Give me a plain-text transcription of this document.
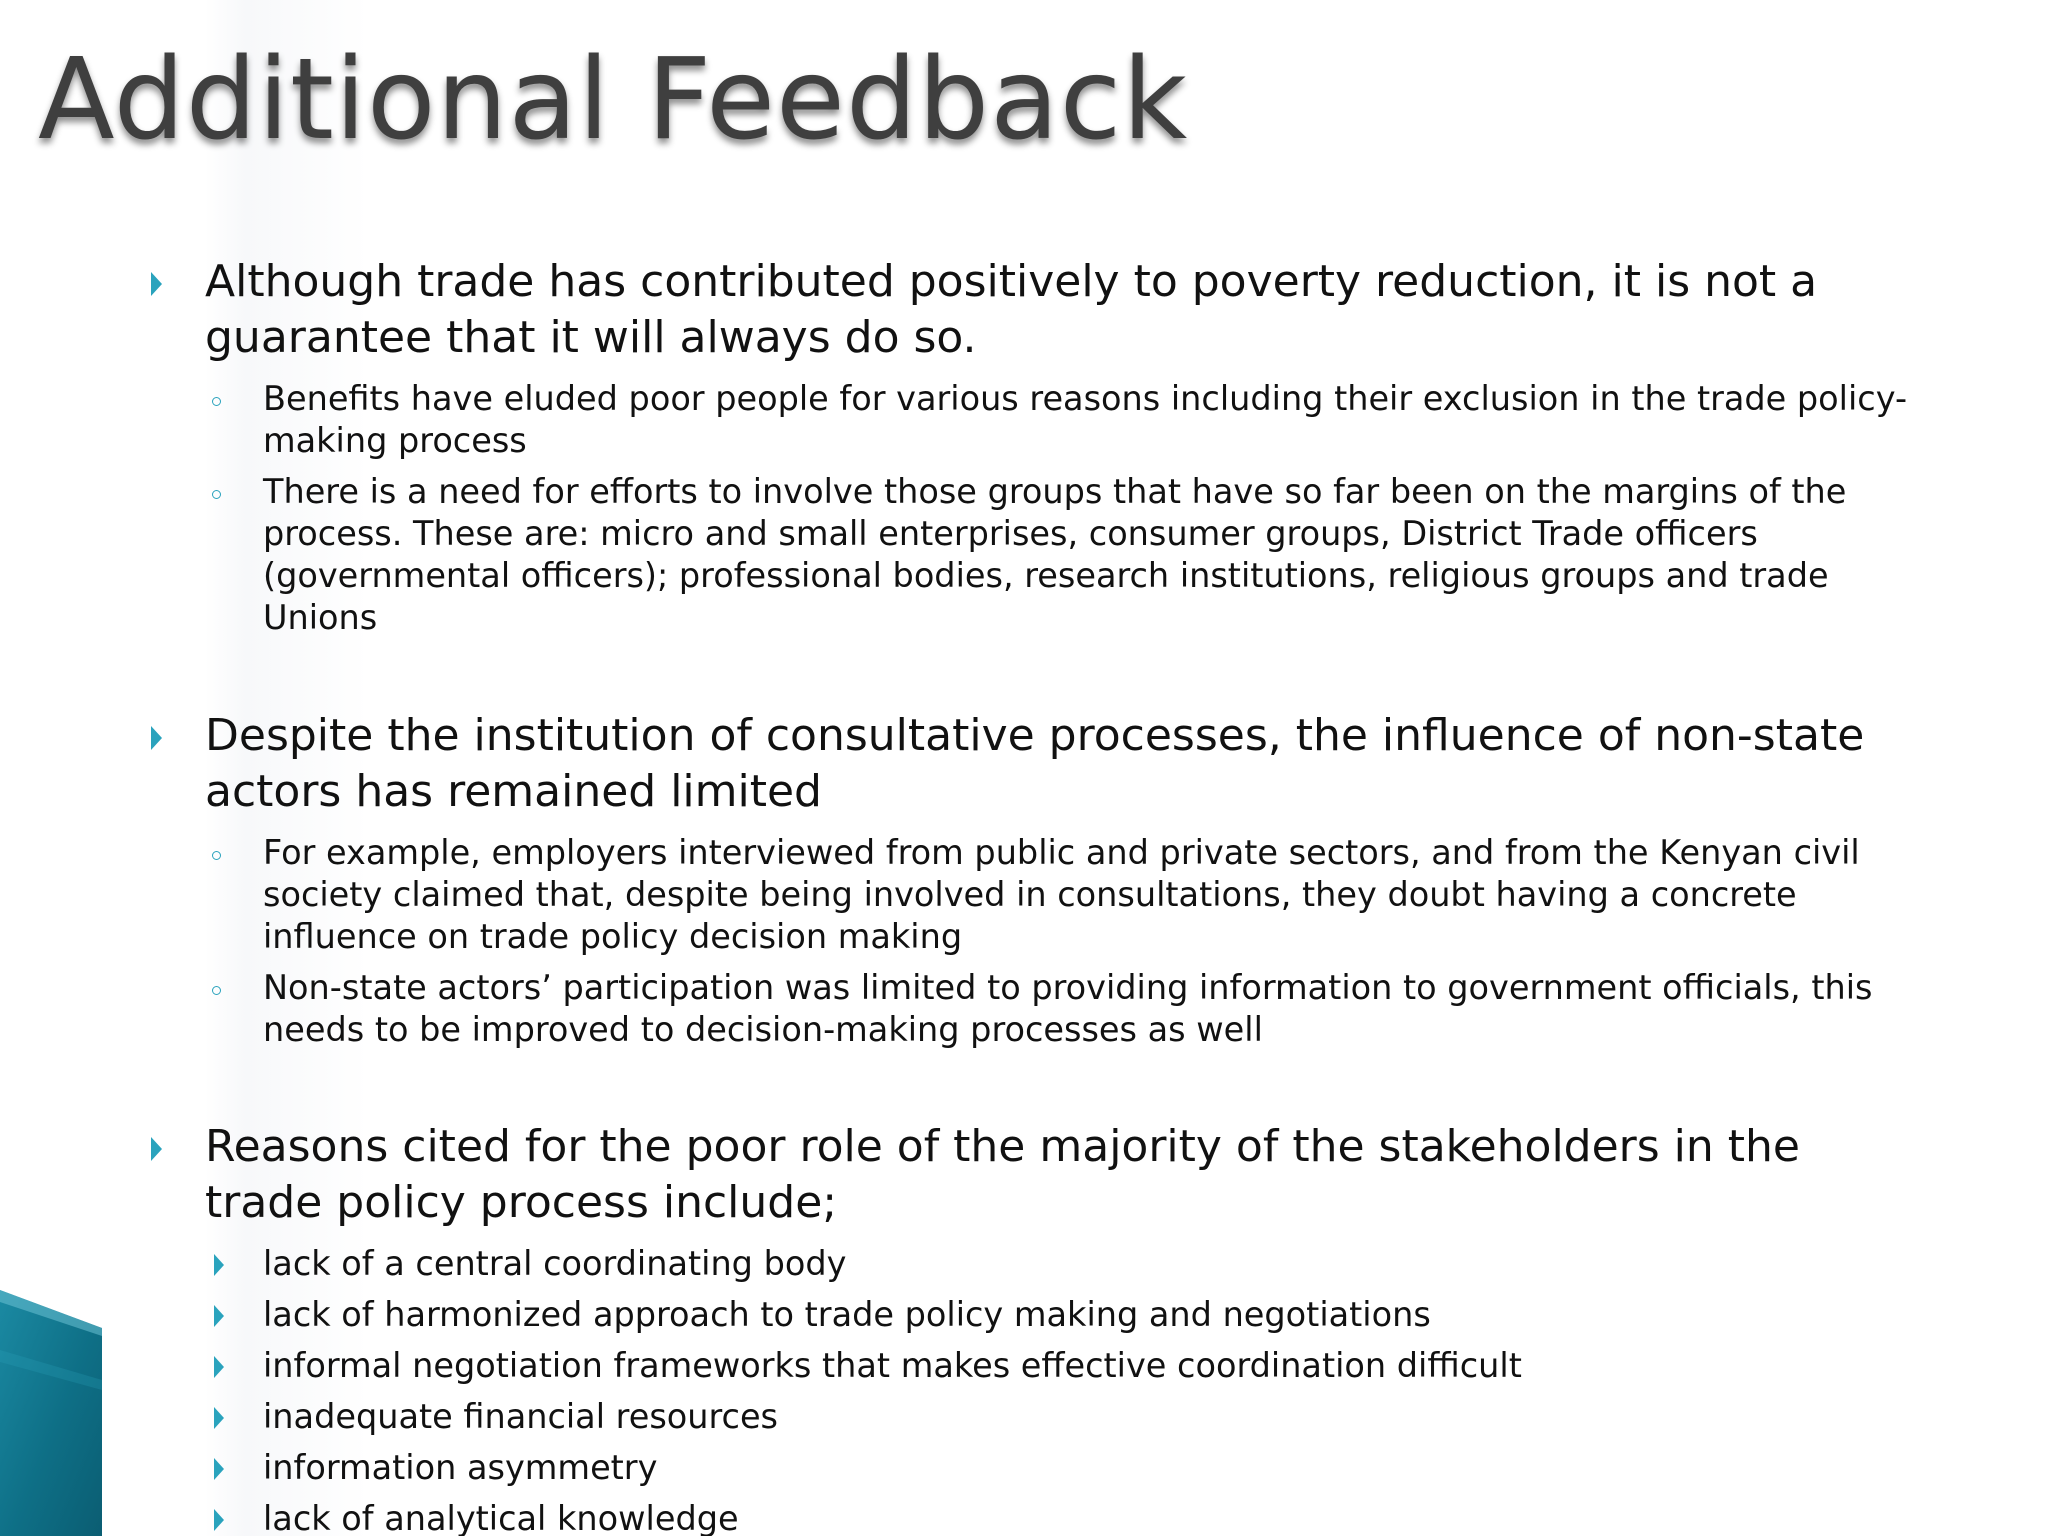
Additional Feedback
Although trade has contributed positively to poverty reduction, it is not a
guarantee that it will always do so.
Benefits have eluded poor people for various reasons including their exclusion in the trade policy-
making process
There is a need for efforts to involve those groups that have so far been on the margins of the
process. These are: micro and small enterprises, consumer groups, District Trade officers
(governmental officers); professional bodies, research institutions, religious groups and trade
Unions
Despite the institution of consultative processes, the influence of non-state
actors has remained limited
For example, employers interviewed from public and private sectors, and from the Kenyan civil
society claimed that, despite being involved in consultations, they doubt having a concrete
influence on trade policy decision making
Non-state actors’ participation was limited to providing information to government officials, this
needs to be improved to decision-making processes as well
Reasons cited for the poor role of the majority of the stakeholders in the
trade policy process include;
lack of a central coordinating body
lack of harmonized approach to trade policy making and negotiations
informal negotiation frameworks that makes effective coordination difficult
inadequate financial resources
information asymmetry
lack of analytical knowledge
